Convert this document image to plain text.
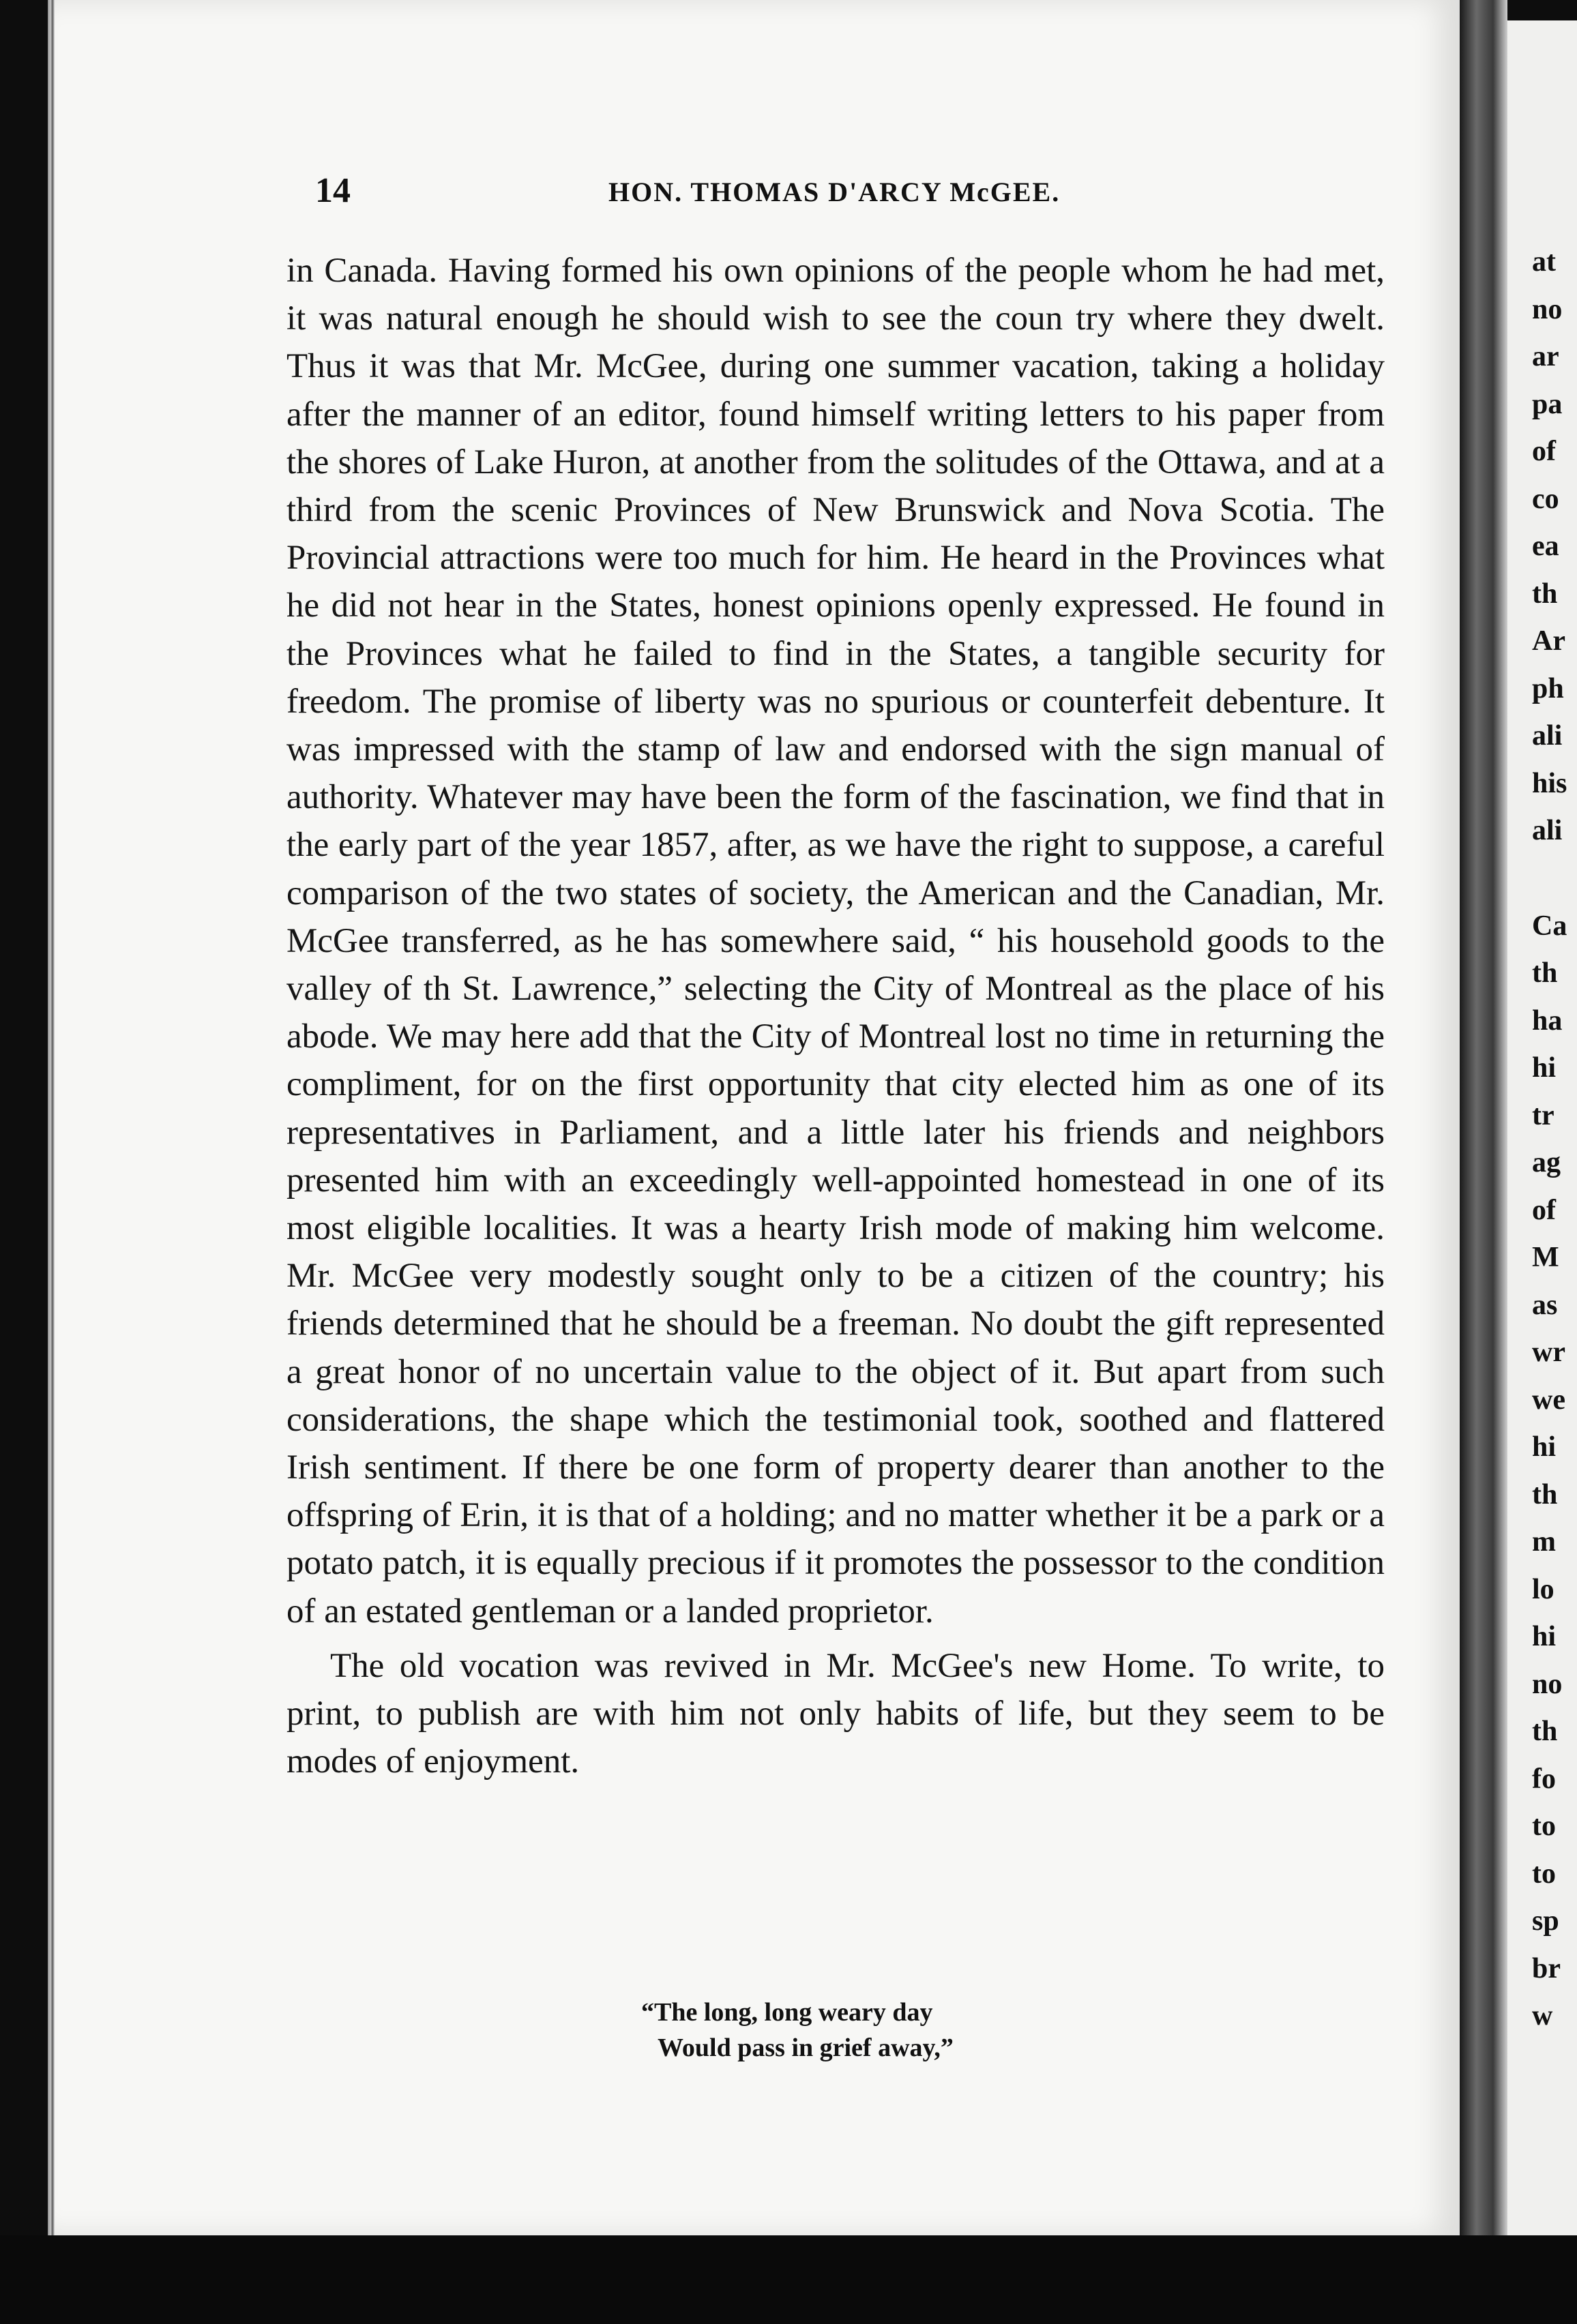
at
no
ar
pa
of
co
ea
th
Ar
ph
ali
his
ali
Ca
th
ha
hi
tr
ag
of
M
as
wr
we
hi
th
m
lo
hi
no
th
fo
to
to
sp
br
w
14	HON. THOMAS D'ARCY McGEE.

in Canada. Having formed his own opinions of the people whom he had met, it was natural enough he should wish to see the coun try where they dwelt. Thus it was that Mr. McGee, during one summer vacation, taking a holiday after the manner of an editor, found himself writing letters to his paper from the shores of Lake Huron, at another from the solitudes of the Ottawa, and at a third from the scenic Provinces of New Brunswick and Nova Scotia. The Provincial attractions were too much for him. He heard in the Provinces what he did not hear in the States, honest opinions openly expressed. He found in the Provinces what he failed to find in the States, a tangible security for freedom. The promise of liberty was no spurious or counterfeit debenture. It was impressed with the stamp of law and endorsed with the sign manual of authority. Whatever may have been the form of the fascination, we find that in the early part of the year 1857, after, as we have the right to suppose, a careful comparison of the two states of society, the American and the Canadian, Mr. McGee transferred, as he has somewhere said, “ his household goods to the valley of th St. Lawrence,” selecting the City of Montreal as the place of his abode. We may here add that the City of Montreal lost no time in returning the compliment, for on the first opportunity that city elected him as one of its representatives in Parliament, and a little later his friends and neighbors presented him with an exceedingly well-appointed homestead in one of its most eligible localities. It was a hearty Irish mode of making him welcome. Mr. McGee very modestly sought only to be a citizen of the country; his friends determined that he should be a freeman. No doubt the gift represented a great honor of no uncertain value to the object of it. But apart from such considerations, the shape which the testimonial took, soothed and flattered Irish sentiment. If there be one form of property dearer than another to the offspring of Erin, it is that of a holding; and no matter whether it be a park or a potato patch, it is equally precious if it promotes the possessor to the condition of an estated gentleman or a landed proprietor.

The old vocation was revived in Mr. McGee's new Home. To write, to print, to publish are with him not only habits of life, but they seem to be modes of enjoyment.

“The long, long weary day
Would pass in grief away,”
